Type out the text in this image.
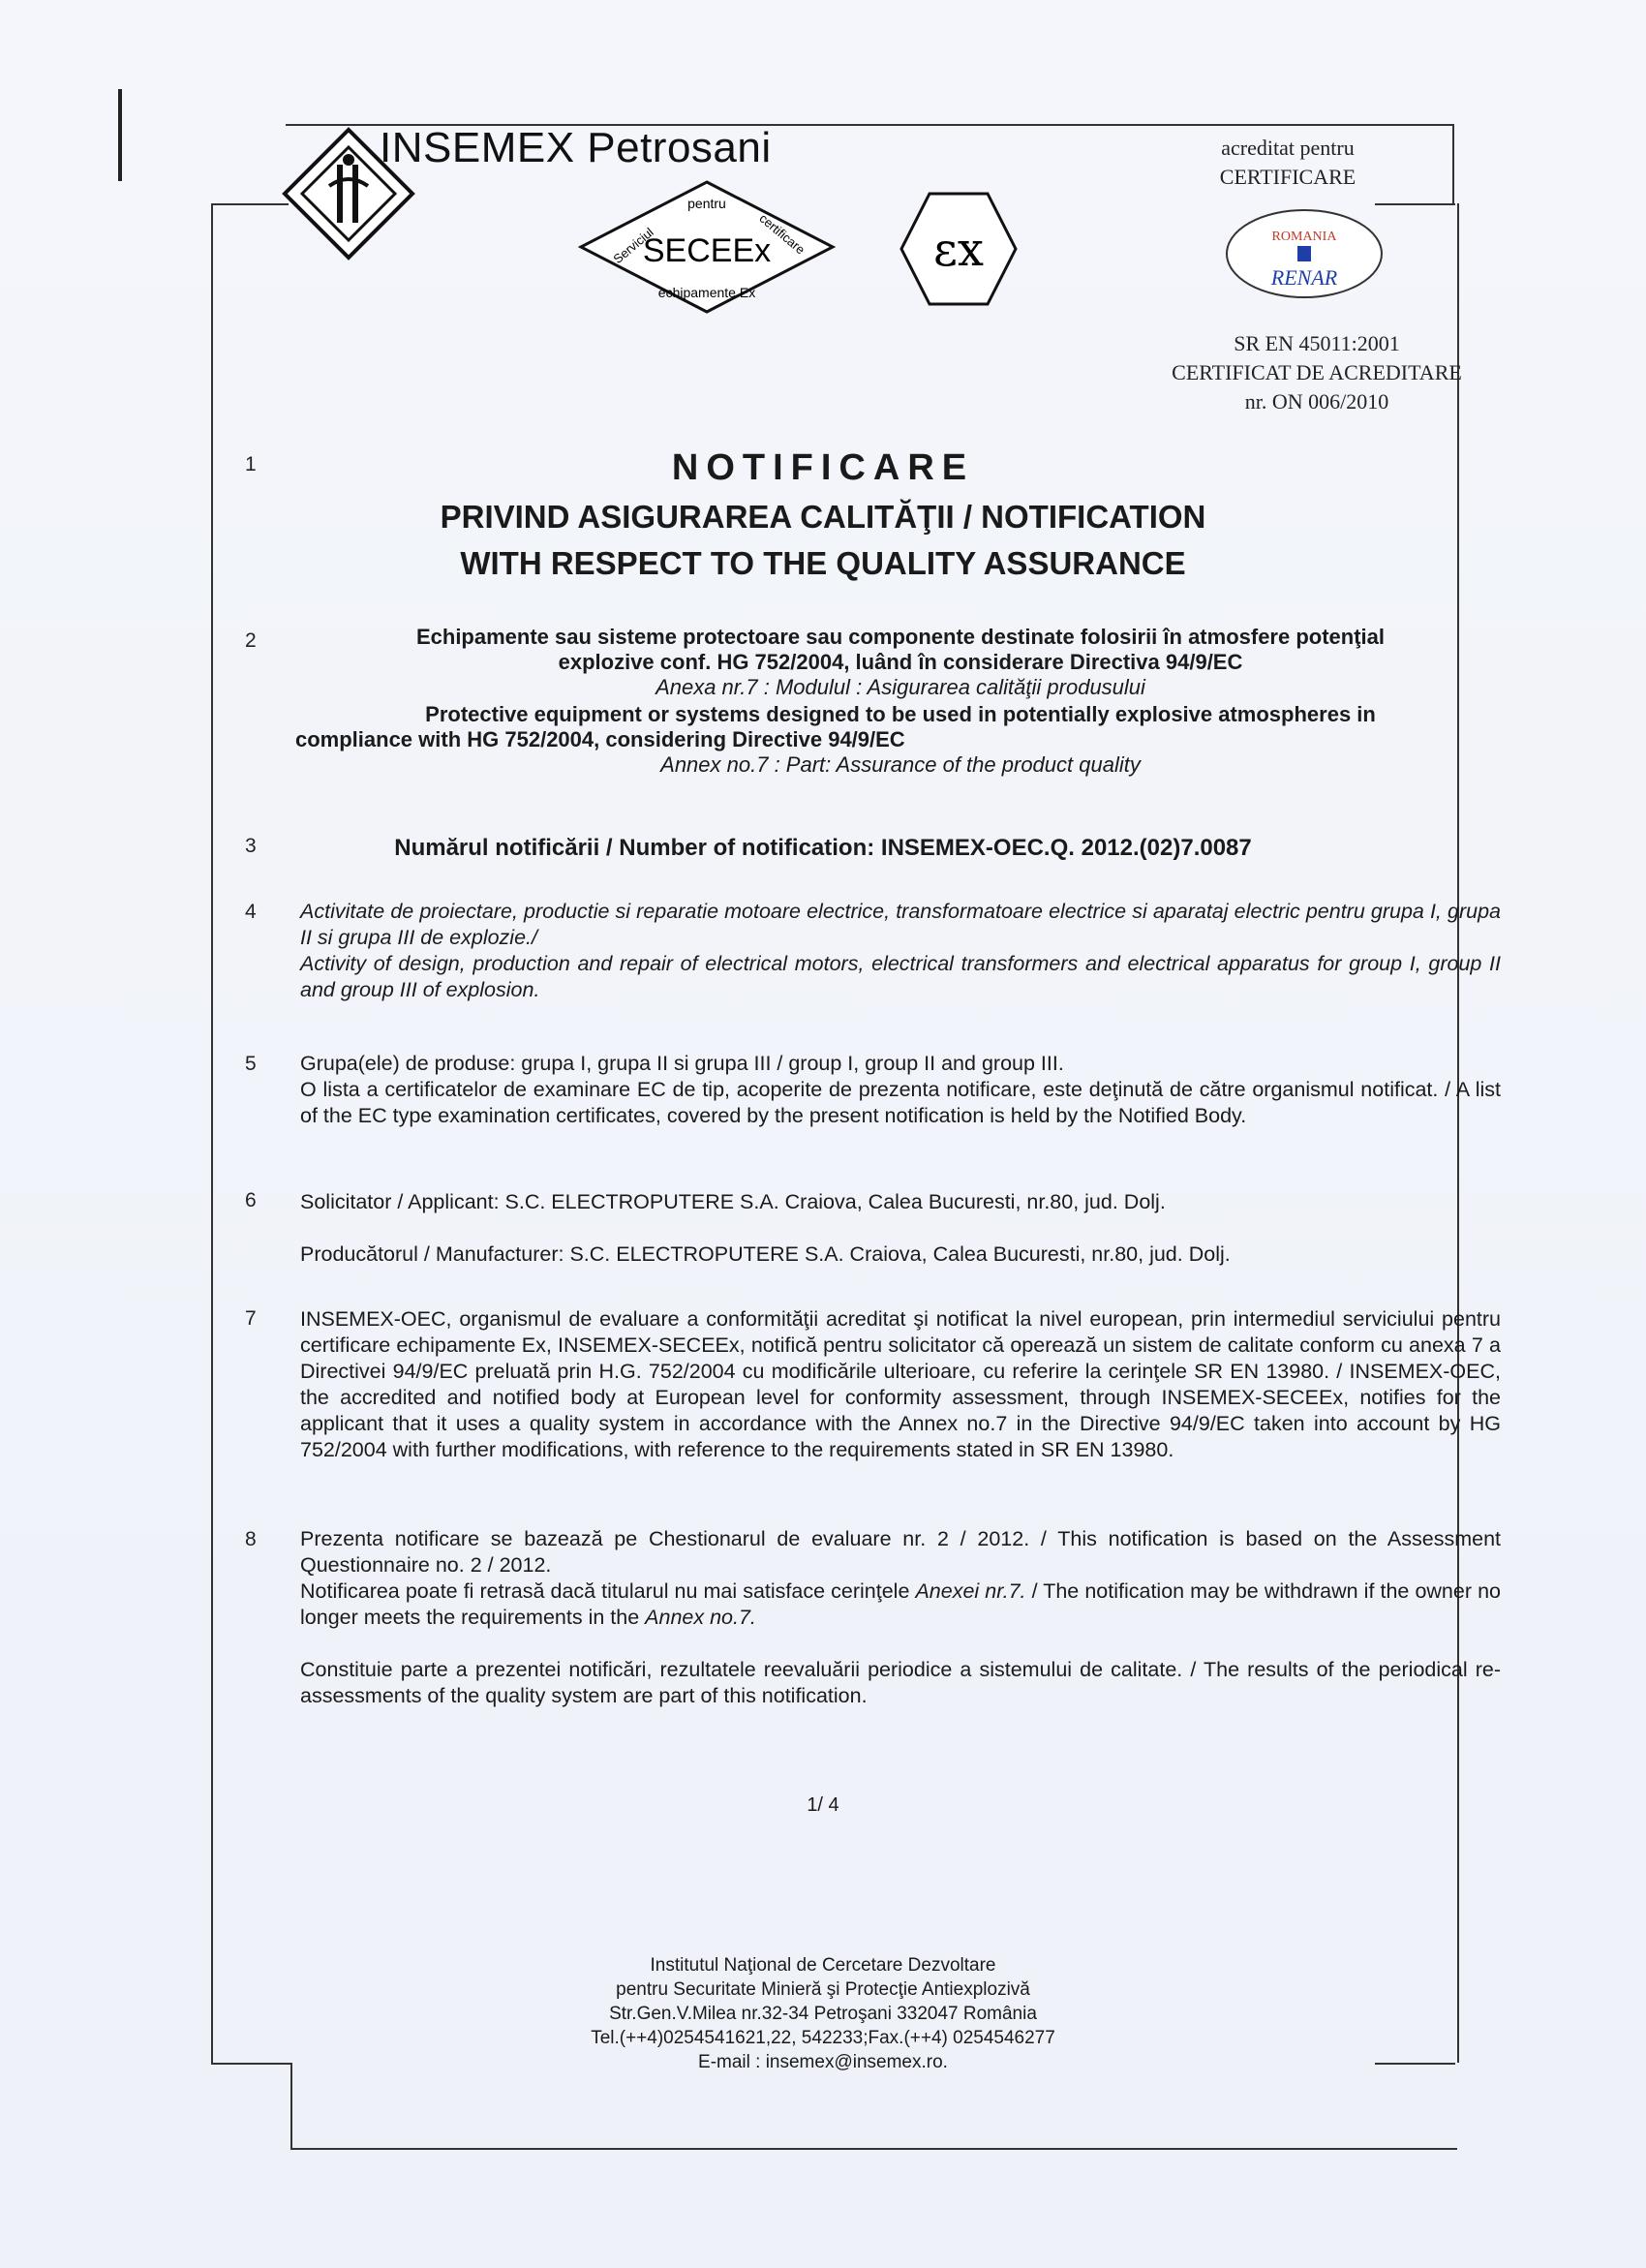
INSEMEX Petrosani
pentru
Serviciul	certificare
SECEEx
echipamente Ex
εx
acreditat pentru
CERTIFICARE
ROMANIA
RENAR
SR EN 45011:2001
CERTIFICAT DE ACREDITARE
nr. ON 006/2010
1
2
3
4
5
6
7
8
NOTIFICARE
PRIVIND ASIGURAREA CALITĂŢII / NOTIFICATION
WITH RESPECT TO THE QUALITY ASSURANCE
Echipamente sau sisteme protectoare sau componente destinate folosirii în atmosfere potenţial
explozive conf. HG 752/2004, luând în considerare Directiva 94/9/EC
Anexa nr.7 : Modulul : Asigurarea calităţii produsului
Protective equipment or systems designed to be used in potentially explosive atmospheres in
compliance with HG 752/2004, considering Directive 94/9/EC
Annex no.7 : Part: Assurance of the product quality
Numărul notificării / Number of notification: INSEMEX-OEC.Q. 2012.(02)7.0087
Activitate de proiectare, productie si reparatie motoare electrice, transformatoare electrice si aparataj electric pentru grupa I, grupa II si grupa III de explozie./
Activity of design, production and repair of electrical motors, electrical transformers and electrical apparatus for group I, group II and group III of explosion.
Grupa(ele) de produse: grupa I, grupa II si grupa III / group I, group II and group III.
O lista a certificatelor de examinare EC de tip, acoperite de prezenta notificare, este deţinută de către organismul notificat. / A list of the EC type examination certificates, covered by the present notification is held by the Notified Body.
Solicitator / Applicant: S.C. ELECTROPUTERE S.A. Craiova, Calea Bucuresti, nr.80, jud. Dolj.
Producătorul / Manufacturer: S.C. ELECTROPUTERE S.A. Craiova, Calea Bucuresti, nr.80, jud. Dolj.
INSEMEX-OEC, organismul de evaluare a conformităţii acreditat şi notificat la nivel european, prin intermediul serviciului pentru certificare echipamente Ex, INSEMEX-SECEEx, notifică pentru solicitator că operează un sistem de calitate conform cu anexa 7 a Directivei 94/9/EC preluată prin H.G. 752/2004 cu modificările ulterioare, cu referire la cerinţele SR EN 13980. / INSEMEX-OEC, the accredited and notified body at European level for conformity assessment, through INSEMEX-SECEEx, notifies for the applicant that it uses a quality system in accordance with the Annex no.7 in the Directive 94/9/EC taken into account by HG 752/2004 with further modifications, with reference to the requirements stated in SR EN 13980.
Prezenta notificare se bazează pe Chestionarul de evaluare nr. 2 / 2012. / This notification is based on the Assessment Questionnaire no. 2 / 2012.
Notificarea poate fi retrasă dacă titularul nu mai satisface cerinţele Anexei nr.7. / The notification may be withdrawn if the owner no longer meets the requirements in the Annex no.7.
Constituie parte a prezentei notificări, rezultatele reevaluării periodice a sistemului de calitate. / The results of the periodical re-assessments of the quality system are part of this notification.
1/ 4
Institutul Naţional de Cercetare Dezvoltare
pentru Securitate Minieră şi Protecţie Antiexplozivă
Str.Gen.V.Milea nr.32-34 Petroşani 332047 România
Tel.(++4)0254541621,22, 542233;Fax.(++4) 0254546277
E-mail : insemex@insemex.ro.
